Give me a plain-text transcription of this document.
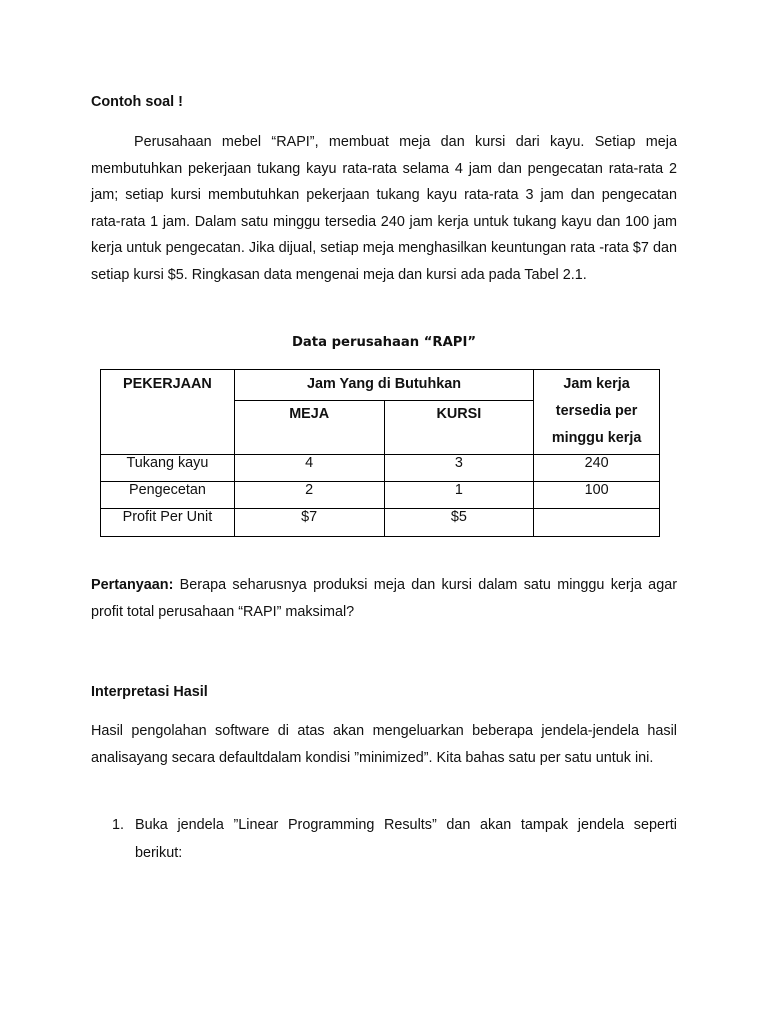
Contoh soal !

Perusahaan mebel “RAPI”, membuat meja dan kursi dari kayu. Setiap meja membutuhkan pekerjaan tukang kayu rata-rata selama 4 jam dan pengecatan rata-rata 2 jam; setiap kursi membutuhkan pekerjaan tukang kayu rata-rata 3 jam dan pengecatan rata-rata 1 jam. Dalam satu minggu tersedia 240 jam kerja untuk tukang kayu dan 100 jam kerja untuk pengecatan. Jika dijual, setiap meja menghasilkan keuntungan rata -rata $7 dan setiap kursi $5. Ringkasan data mengenai meja dan kursi ada pada Tabel 2.1.

Data perusahaan “RAPI”
PEKERJAAN	Jam Yang di Butuhkan		Jam kerja
tersedia per
minggu kerja

	MEJA	KURSI	

Tukang kayu	4	3	240
Pengecetan	2	1	100
Profit Per Unit	$7	$5	

Pertanyaan: Berapa seharusnya produksi meja dan kursi dalam satu minggu kerja agar profit total perusahaan “RAPI” maksimal?

Interpretasi Hasil

Hasil pengolahan software di atas akan mengeluarkan beberapa jendela-jendela hasil analisayang secara defaultdalam kondisi ”minimized”. Kita bahas satu per satu untuk ini.

1. Buka jendela ”Linear Programming Results” dan akan tampak jendela seperti berikut:
